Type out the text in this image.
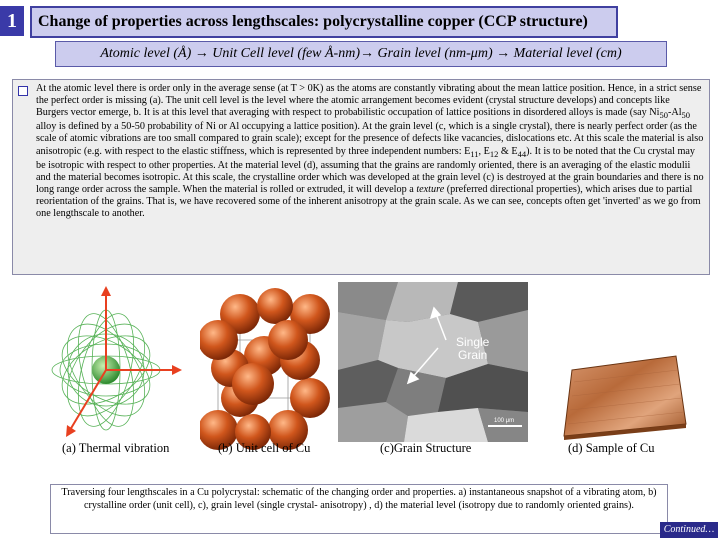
1	Change of properties across lengthscales: polycrystalline copper (CCP structure)
Atomic level (Å) → Unit Cell level (few Å-nm)→ Grain level (nm-μm) → Material level (cm)
At the atomic level there is order only in the average sense (at T > 0K) as the atoms are constantly vibrating about the mean lattice position. Hence, in a strict sense the perfect order is missing (a). The unit cell level is the level where the atomic arrangement becomes evident (crystal structure develops) and concepts like Burgers vector emerge, b. It is at this level that averaging with respect to probabilistic occupation of lattice positions in disordered alloys is made (say $Ni_{50}-Al_{50}$ alloy is defined by a 50-50 probability of Ni or Al occupying a lattice position). At the grain level (c, which is a single crystal), there is nearly perfect order (as the scale of atomic vibrations are too small compared to grain scale); except for the presence of defects like vacancies, dislocations etc. At this scale the material is also anisotropic (e.g. with respect to the elastic stiffness, which is represented by three independent numbers: $E_{11}$, $E_{12}$ & $E_{44}$). It is to be noted that the Cu crystal may be isotropic with respect to other properties. At the material level (d), assuming that the grains are randomly oriented, there is an averaging of the elastic modulii and the material becomes isotropic. At this scale, the crystalline order which was developed at the grain level (c) is destroyed at the grain boundaries and there is no long range order across the sample. When the material is rolled or extruded, it will develop a texture (preferred directional properties), which arises due to partial reorientation of the grains. That is, we have recovered some of the inherent anisotropy at the grain scale. As we can see, concepts often get 'inverted' as we go from one lengthscale to another.
(a) Thermal vibration	(b) Unit cell of Cu
Single
Grain
100 μm
(c)Grain Structure	(d) Sample of Cu
Traversing four lengthscales in a Cu polycrystal: schematic of the changing order and properties. a) instantaneous snapshot of a vibrating atom, b) crystalline order (unit cell), c), grain level (single crystal- anisotropy) , d) the material level (isotropy due to randomly oriented grains).
Continued…
